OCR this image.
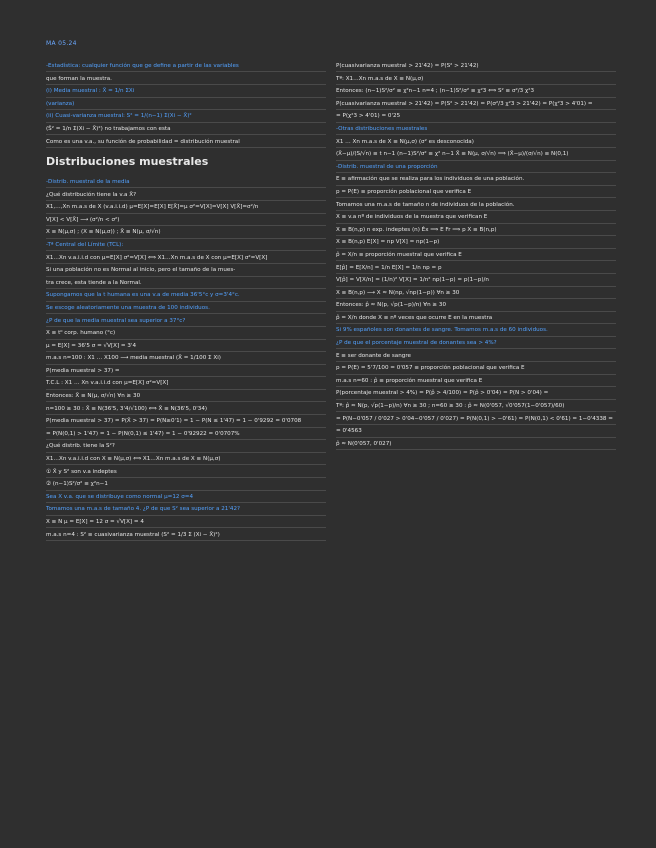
MA 05.24
-Estadística: cualquier función que ge define a partir de las variables
que forman la muestra.
(i) Media muestral : X̄ = 1/n ΣXi
(varianza)
(ii) Cuasi-varianza muestral: S² = 1/(n−1) Σ(Xi − X̄)²
(S̃² = 1/n Σ(Xi − X̄)²) no trabajamos con esta
Como es una v.a., su función de probabilidad = distribución muestral
Distribuciones muestrales
-Distrib. muestral de la media
¿Qué distribución tiene la v.a X̄?
X1,…,Xn m.a.s de X (v.a.i.i.d) μ=E[X]=E[X] E[X̄]=μ σ²=V[X]=V[X] V[X̄]=σ²/n
V[X] < V[X̄] ⟶ (σ²/n < σ²)
X ≡ N(μ,σ) ; (X ≡ N(μ,σ)) ; X̄ ≡ N(μ, σ/√n)
-Tª Central del Límite (TCL):
X1…Xn v.a.i.i.d con μ=E[X] σ²=V[X] ⟺ X1…Xn m.a.s de X con μ=E[X] σ²=V[X]
Si una población no es Normal al inicio, pero el tamaño de la mues-
tra crece, esta tiende a la Normal.
Supongamos que la t humana es una v.a de media 36'5°c y σ=3'4°c.
Se escoge aleatoriamente una muestra de 100 individuos.
¿P de que la media muestral sea superior a 37°c?
X ≡ t⁰ corp. humano (°c)
μ = E[X] = 36'5 σ = √V[X] = 3'4
m.a.s n=100 : X1 … X100 ⟶ media muestral (X̄ = 1/100 Σ Xi)
P(media muestral > 37) =
T.C.L : X1 … Xn v.a.i.i.d con μ=E[X] σ²=V[X]
Entonces: X̄ ≡ N(μ, σ/√n) ∀n ≥ 30
n=100 ≥ 30 : X̄ ≡ N(36'5, 3'4/√100) ⟺ X̄ ≡ N(36'5, 0'34)
P(media muestral > 37) = P(X̄ > 37) = P(N≥0'1) = 1 − P(N ≤ 1'47) = 1 − 0'9292 = 0'0708
= P(N(0,1) > 1'47) = 1 − P(N(0,1) ≤ 1'47) = 1 − 0'92922 = 0'0707%
¿Qué distrib. tiene la S²?
X1…Xn v.a.i.i.d con X ≡ N(μ,σ) ⟺ X1…Xn m.a.s de X ≡ N(μ,σ)
① X̄ y S² son v.a indeptes
② (n−1)S²/σ² ≡ χ²n−1
Sea X v.a. que se distribuye como normal μ=12 σ=4
Tomamos una m.a.s de tamaño 4. ¿P de que S² sea superior a 21'42?
X ≡ N μ = E[X] = 12 σ = √V[X] = 4
m.a.s n=4 : S² ≡ cuasivarianza muestral (S² = 1/3 Σ (Xi − X̄)²)
P(cuasivarianza muestral > 21'42) = P(S² > 21'42)
Tª: X1…Xn m.a.s de X ≡ N(μ,σ)
Entonces: (n−1)S²/σ² ≡ χ²n−1 n=4 ; (n−1)S²/σ² ≡ χ²3 ⟺ S² ≡ σ²/3 χ²3
P(cuasivarianza muestral > 21'42) = P(S² > 21'42) = P(σ²/3 χ²3 > 21'42) = P(χ²3 > 4'01) =
= P(χ²3 > 4'01) = 0'25
-Otras distribuciones muestrales
X1 … Xn m.a.s de X ≡ N(μ,σ) (σ² es desconocida)
(X̄−μ)/(S/√n) ≡ t n−1 (n−1)S²/σ² ≡ χ² n−1 X̄ ≡ N(μ, σ/√n) ⟹ (X̄−μ)/(σ/√n) ≡ N(0,1)
-Distrib. muestral de una proporción
E ≡ afirmación que se realiza para los individuos de una población.
p = P(E) ≡ proporción poblacional que verifica E
Tomamos una m.a.s de tamaño n de individuos de la población.
X ≡ v.a nº de individuos de la muestra que verifican E
X ≡ B(n,p) n exp. indeptes (n) Éx ⟹ E Fr ⟹ p X ≡ B(n,p)
X ≡ B(n,p) E[X] = np V[X] = np(1−p)
p̂ = X/n ≡ proporción muestral que verifica E
E[p̂] = E[X/n] = 1/n E[X] = 1/n np = p
V[p̂] = V[X/n] = (1/n)² V[X] = 1/n² np(1−p) = p(1−p)/n
X ≡ B(n,p) ⟶ X ≈ N(np, √np(1−p)) ∀n ≥ 30
Entonces: p̂ ≈ N(p, √p(1−p)/n) ∀n ≥ 30
p̂ = X/n donde X ≡ nº veces que ocurre E en la muestra
Si 9% españoles son donantes de sangre. Tomamos m.a.s de 60 individuos.
¿P de que el porcentaje muestral de donantes sea > 4%?
E ≡ ser donante de sangre
p = P(E) = 5'7/100 = 0'057 ≡ proporción poblacional que verifica E
m.a.s n=60 : p̂ ≡ proporción muestral que verifica E
P(porcentaje muestral > 4%) = P(p̂ > 4/100) = P(p̂ > 0'04) = P(N > 0'04) =
Tª: p̂ ≈ N(p, √p(1−p)/n) ∀n ≥ 30 ; n=60 ≥ 30 : p̂ ≈ N(0'057, √0'057(1−0'057)/60)
= P(N−0'057 / 0'027 > 0'04−0'057 / 0'027) = P(N(0,1) > −0'61) = P(N(0,1) < 0'61) = 1−0'4338 =
= 0'4563
p̂ ≈ N(0'057, 0'027)
